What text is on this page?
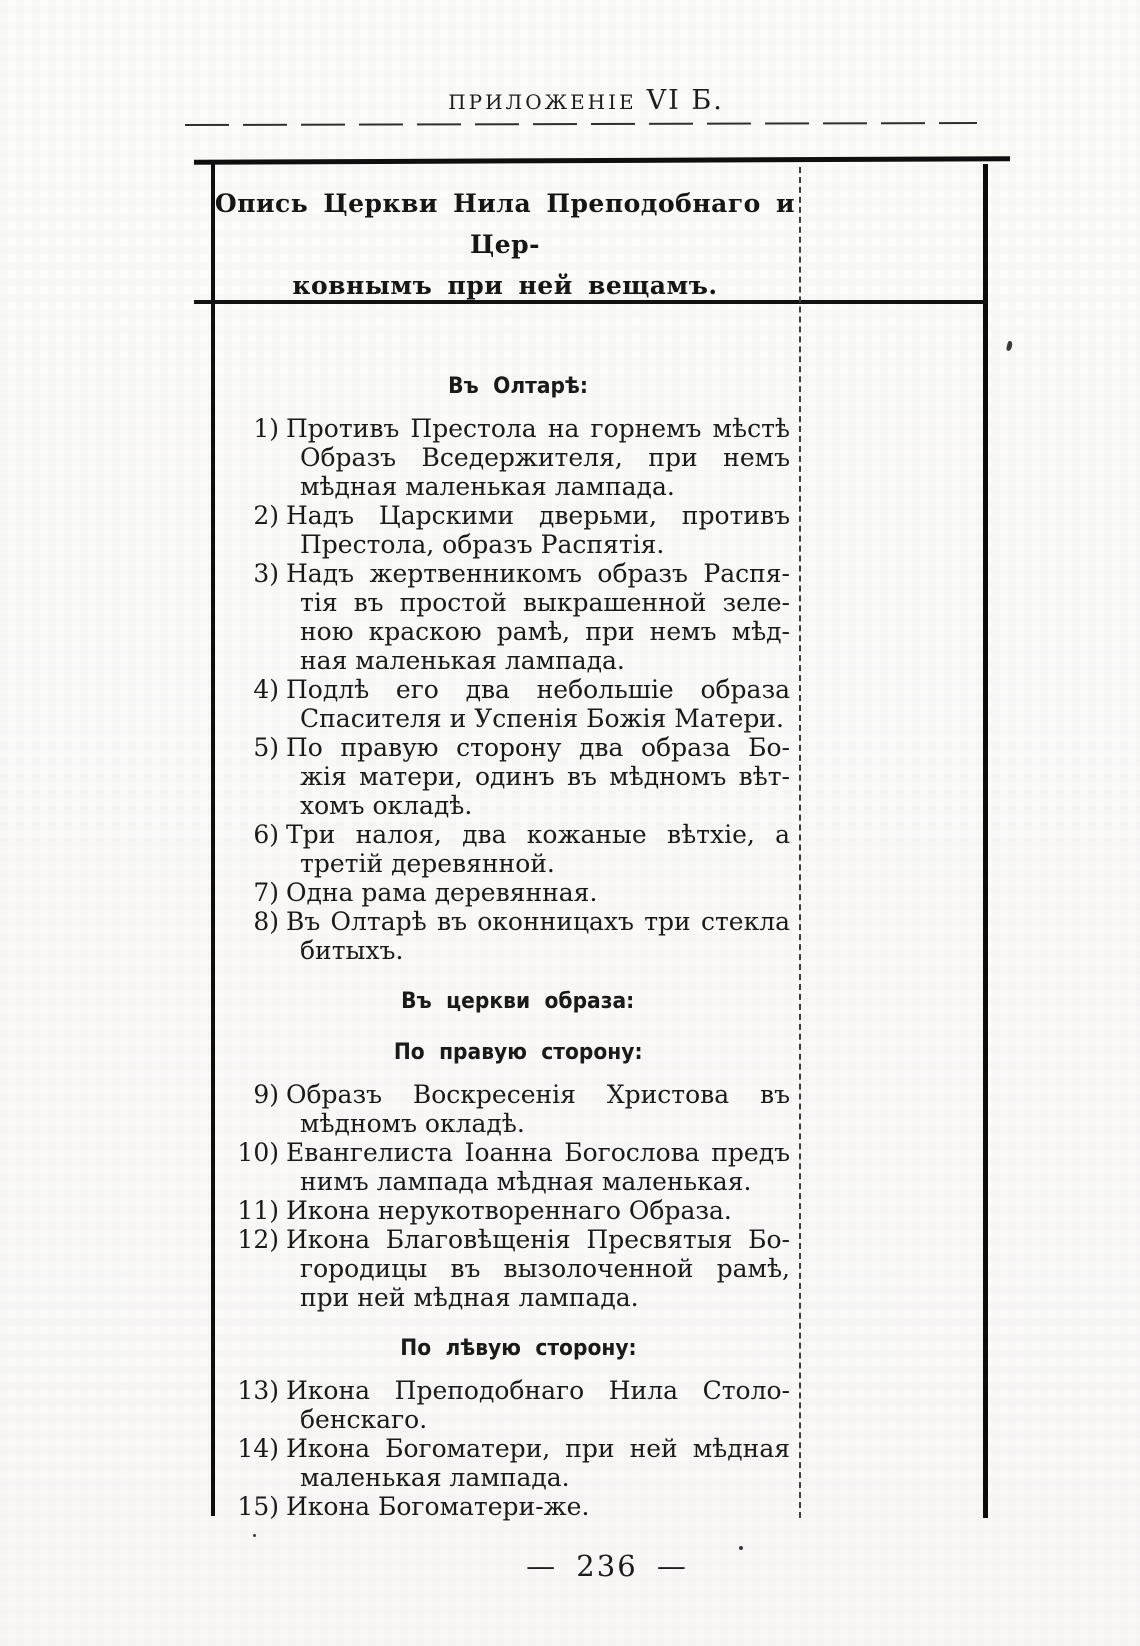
ПРИЛОЖЕНІЕ VI Б.
Опись Церкви Нила Преподобнаго и Цер-
ковнымъ при ней вещамъ.
Въ Олтарѣ:
1) Противъ Престола на горнемъ мѣстѣ
Образъ Вседержителя, при немъ
мѣдная маленькая лампада.
2) Надъ Царскими дверьми, противъ
Престола, образъ Распятія.
3) Надъ жертвенникомъ образъ Распя-
тія въ простой выкрашенной зеле-
ною краскою рамѣ, при немъ мѣд-
ная маленькая лампада.
4) Подлѣ его два небольшіе образа
Спасителя и Успенія Божія Матери.
5) По правую сторону два образа Бо-
жія матери, одинъ въ мѣдномъ вѣт-
хомъ окладѣ.
6) Три налоя, два кожаные вѣтхіе, а
третій деревянной.
7) Одна рама деревянная.
8) Въ Олтарѣ въ оконницахъ три стекла
битыхъ.
Въ церкви образа:
По правую сторону:
9) Образъ Воскресенія Христова въ
мѣдномъ окладѣ.
10) Евангелиста Іоанна Богослова предъ
нимъ лампада мѣдная маленькая.
11) Икона нерукотвореннаго Образа.
12) Икона Благовѣщенія Пресвятыя Бо-
городицы въ вызолоченной рамѣ,
при ней мѣдная лампада.
По лѣвую сторону:
13) Икона Преподобнаго Нила Столо-
бенскаго.
14) Икона Богоматери, при ней мѣдная
маленькая лампада.
15) Икона Богоматери-же.
— 236 —
